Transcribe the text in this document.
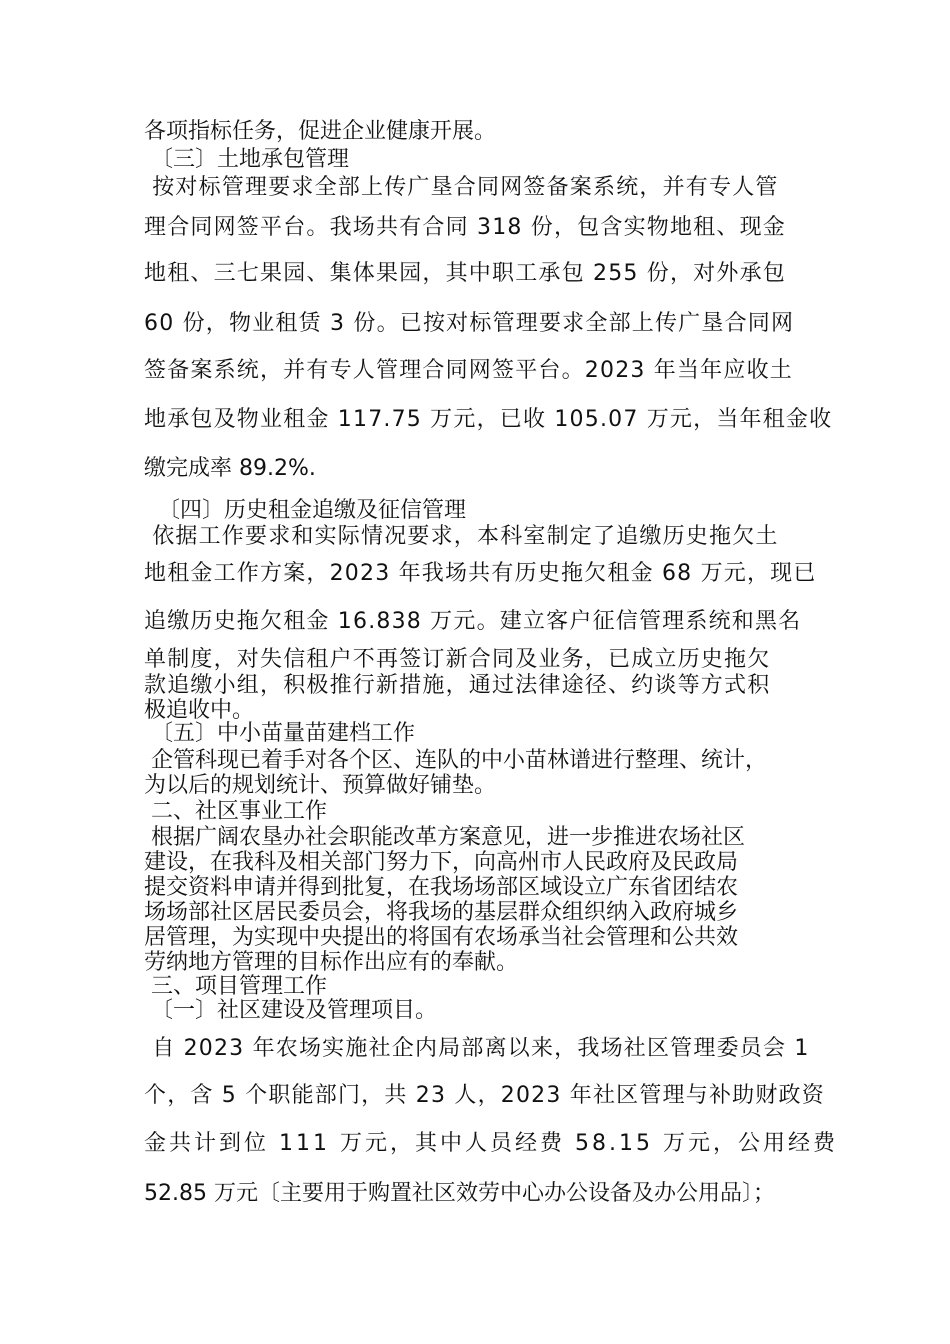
各项指标任务，促进企业健康开展。
〔三〕土地承包管理
按对标管理要求全部上传广垦合同网签备案系统，并有专人管
理合同网签平台。我场共有合同 318 份，包含实物地租、现金
地租、三七果园、集体果园，其中职工承包 255 份，对外承包
60 份，物业租赁 3 份。已按对标管理要求全部上传广垦合同网
签备案系统，并有专人管理合同网签平台。2023 年当年应收土
地承包及物业租金 117.75 万元，已收 105.07 万元，当年租金收
缴完成率 89.2%.
〔四〕历史租金追缴及征信管理
依据工作要求和实际情况要求，本科室制定了追缴历史拖欠土
地租金工作方案，2023 年我场共有历史拖欠租金 68 万元，现已
追缴历史拖欠租金 16.838 万元。建立客户征信管理系统和黑名
单制度，对失信租户不再签订新合同及业务，已成立历史拖欠
款追缴小组，积极推行新措施，通过法律途径、约谈等方式积
极追收中。
〔五〕中小苗量苗建档工作
企管科现已着手对各个区、连队的中小苗林谱进行整理、统计，
为以后的规划统计、预算做好铺垫。
二、社区事业工作
根据广阔农垦办社会职能改革方案意见，进一步推进农场社区
建设，在我科及相关部门努力下，向高州市人民政府及民政局
提交资料申请并得到批复，在我场场部区域设立广东省团结农
场场部社区居民委员会，将我场的基层群众组织纳入政府城乡
居管理，为实现中央提出的将国有农场承当社会管理和公共效
劳纳地方管理的目标作出应有的奉献。
三、项目管理工作
〔一〕社区建设及管理项目。
自 2023 年农场实施社企内局部离以来，我场社区管理委员会 1
个，含 5 个职能部门，共 23 人，2023 年社区管理与补助财政资
金共计到位 111 万元，其中人员经费 58.15 万元，公用经费
52.85 万元〔主要用于购置社区效劳中心办公设备及办公用品〕；
